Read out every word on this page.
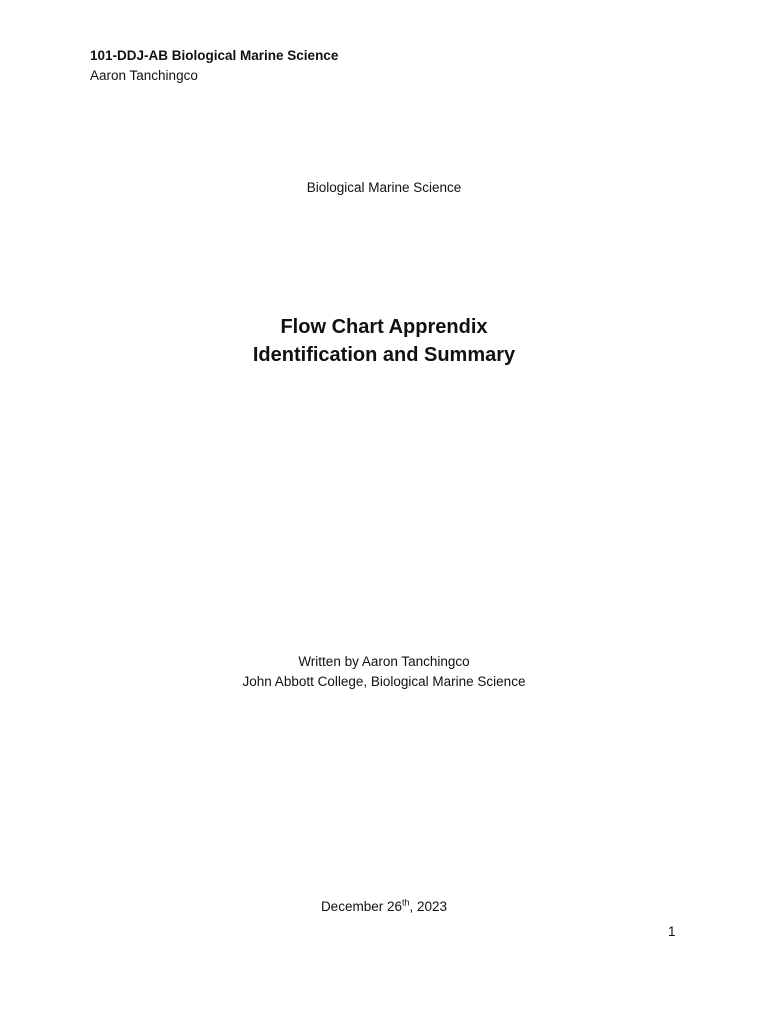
101-DDJ-AB Biological Marine Science
Aaron Tanchingco
Biological Marine Science
Flow Chart Apprendix
Identification and Summary
Written by Aaron Tanchingco
John Abbott College, Biological Marine Science
December 26th, 2023
1
